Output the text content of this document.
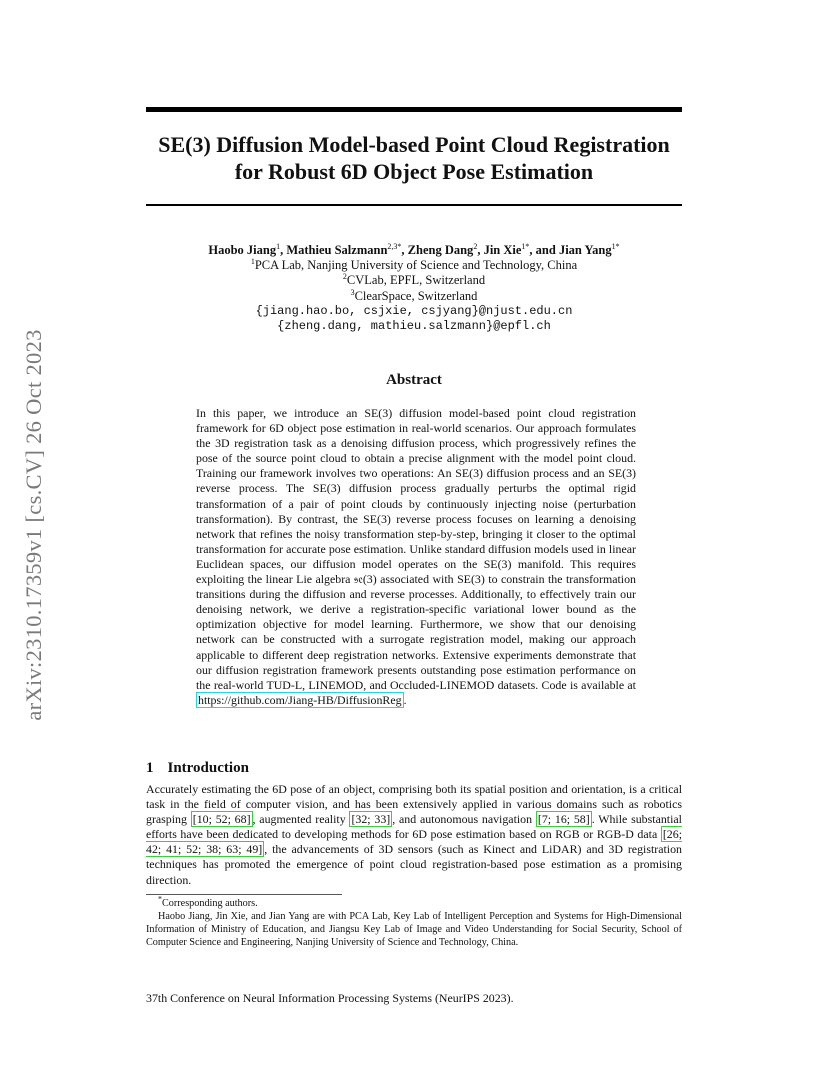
arXiv:2310.17359v1 [cs.CV] 26 Oct 2023
SE(3) Diffusion Model-based Point Cloud Registration
for Robust 6D Object Pose Estimation
Haobo Jiang$^1$, Mathieu Salzmann$^{2,3*}$, Zheng Dang$^2$, Jin Xie$^{1*}$, and Jian Yang$^{1*}$
$^1$PCA Lab, Nanjing University of Science and Technology, China
$^2$CVLab, EPFL, Switzerland
$^3$ClearSpace, Switzerland
{jiang.hao.bo, csjxie, csjyang}@njust.edu.cn
{zheng.dang, mathieu.salzmann}@epfl.ch
Abstract
In this paper, we introduce an SE(3) diffusion model-based point cloud registration framework for 6D object pose estimation in real-world scenarios. Our approach formulates the 3D registration task as a denoising diffusion process, which progressively refines the pose of the source point cloud to obtain a precise alignment with the model point cloud. Training our framework involves two operations: An SE(3) diffusion process and an SE(3) reverse process. The SE(3) diffusion process gradually perturbs the optimal rigid transformation of a pair of point clouds by continuously injecting noise (perturbation transformation). By contrast, the SE(3) reverse process focuses on learning a denoising network that refines the noisy transformation step-by-step, bringing it closer to the optimal transformation for accurate pose estimation. Unlike standard diffusion models used in linear Euclidean spaces, our diffusion model operates on the SE(3) manifold. This requires exploiting the linear Lie algebra 𝔰𝔢(3) associated with SE(3) to constrain the transformation transitions during the diffusion and reverse processes. Additionally, to effectively train our denoising network, we derive a registration-specific variational lower bound as the optimization objective for model learning. Furthermore, we show that our denoising network can be constructed with a surrogate registration model, making our approach applicable to different deep registration networks. Extensive experiments demonstrate that our diffusion registration framework presents outstanding pose estimation performance on the real-world TUD-L, LINEMOD, and Occluded-LINEMOD datasets. Code is available at https://github.com/Jiang-HB/DiffusionReg .
1 Introduction
Accurately estimating the 6D pose of an object, comprising both its spatial position and orientation, is a critical task in the field of computer vision, and has been extensively applied in various domains such as robotics grasping [10; 52; 68] , augmented reality [32; 33] , and autonomous navigation [7; 16; 58] . While substantial efforts have been dedicated to developing methods for 6D pose estimation based on RGB or RGB-D data [26; 42; 41; 52; 38; 63; 49] , the advancements of 3D sensors (such as Kinect and LiDAR) and 3D registration techniques has promoted the emergence of point cloud registration-based pose estimation as a promising direction.

*Corresponding authors.

Haobo Jiang, Jin Xie, and Jian Yang are with PCA Lab, Key Lab of Intelligent Perception and Systems for High-Dimensional Information of Ministry of Education, and Jiangsu Key Lab of Image and Video Understanding for Social Security, School of Computer Science and Engineering, Nanjing University of Science and Technology, China.

37th Conference on Neural Information Processing Systems (NeurIPS 2023).
